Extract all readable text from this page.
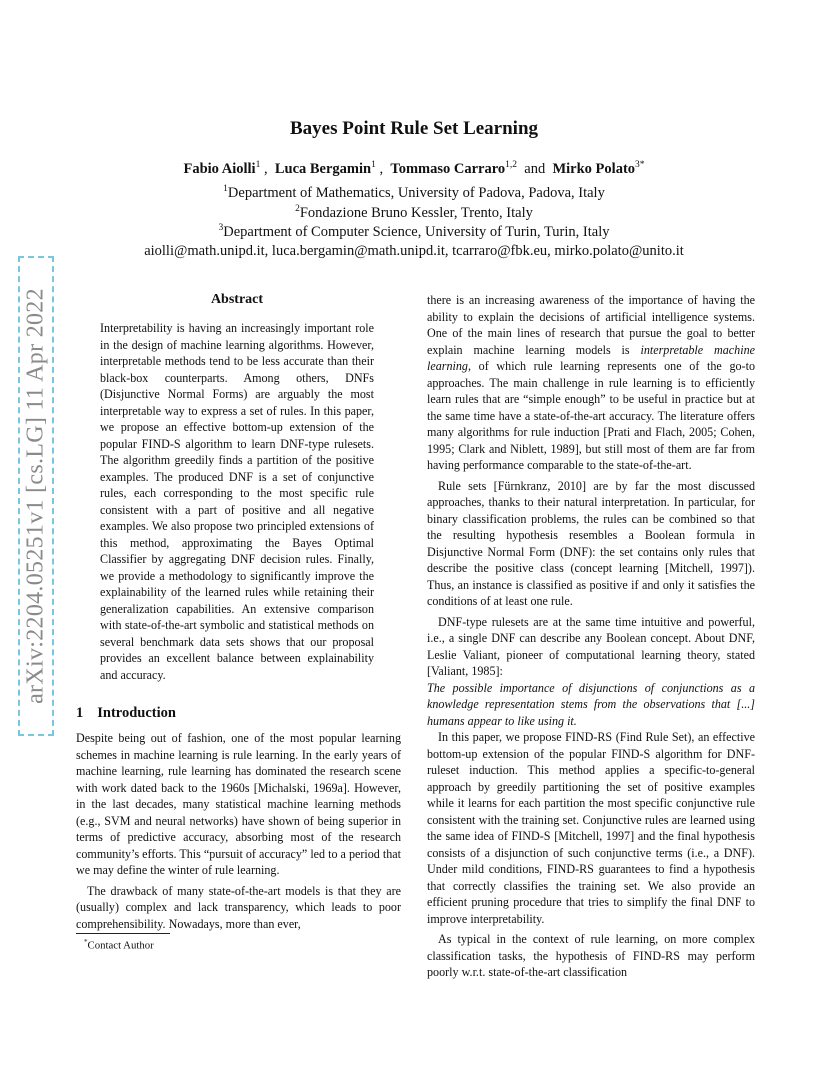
arXiv:2204.05251v1 [cs.LG] 11 Apr 2022
Bayes Point Rule Set Learning
Fabio Aiolli$^1$ ,  Luca Bergamin$^1$ ,  Tommaso Carraro$^{1,2}$ and Mirko Polato$^{3*}$
$^1$Department of Mathematics, University of Padova, Padova, Italy
$^2$Fondazione Bruno Kessler, Trento, Italy
$^3$Department of Computer Science, University of Turin, Turin, Italy
aiolli@math.unipd.it, luca.bergamin@math.unipd.it, tcarraro@fbk.eu, mirko.polato@unito.it
Abstract

Interpretability is having an increasingly important role in the design of machine learning algorithms. However, interpretable methods tend to be less accurate than their black-box counterparts. Among others, DNFs (Disjunctive Normal Forms) are arguably the most interpretable way to express a set of rules. In this paper, we propose an effective bottom-up extension of the popular FIND-S algorithm to learn DNF-type rulesets. The algorithm greedily finds a partition of the positive examples. The produced DNF is a set of conjunctive rules, each corresponding to the most specific rule consistent with a part of positive and all negative examples. We also propose two principled extensions of this method, approximating the Bayes Optimal Classifier by aggregating DNF decision rules. Finally, we provide a methodology to significantly improve the explainability of the learned rules while retaining their generalization capabilities. An extensive comparison with state-of-the-art symbolic and statistical methods on several benchmark data sets shows that our proposal provides an excellent balance between explainability and accuracy.

1 Introduction

Despite being out of fashion, one of the most popular learning schemes in machine learning is rule learning. In the early years of machine learning, rule learning has dominated the research scene with work dated back to the 1960s [Michalski, 1969a]. However, in the last decades, many statistical machine learning methods (e.g., SVM and neural networks) have shown of being superior in terms of predictive accuracy, absorbing most of the research community’s efforts. This “pursuit of accuracy” led to a period that we may define the winter of rule learning.

The drawback of many state-of-the-art models is that they are (usually) complex and lack transparency, which leads to poor comprehensibility. Nowadays, more than ever,

there is an increasing awareness of the importance of having the ability to explain the decisions of artificial intelligence systems. One of the main lines of research that pursue the goal to better explain machine learning models is interpretable machine learning, of which rule learning represents one of the go-to approaches. The main challenge in rule learning is to efficiently learn rules that are “simple enough” to be useful in practice but at the same time have a state-of-the-art accuracy. The literature offers many algorithms for rule induction [Prati and Flach, 2005; Cohen, 1995; Clark and Niblett, 1989], but still most of them are far from having performance comparable to the state-of-the-art.

Rule sets [Fürnkranz, 2010] are by far the most discussed approaches, thanks to their natural interpretation. In particular, for binary classification problems, the rules can be combined so that the resulting hypothesis resembles a Boolean formula in Disjunctive Normal Form (DNF): the set contains only rules that describe the positive class (concept learning [Mitchell, 1997]). Thus, an instance is classified as positive if and only it satisfies the conditions of at least one rule.

DNF-type rulesets are at the same time intuitive and powerful, i.e., a single DNF can describe any Boolean concept. About DNF, Leslie Valiant, pioneer of computational learning theory, stated [Valiant, 1985]:

The possible importance of disjunctions of conjunctions as a knowledge representation stems from the observations that [...] humans appear to like using it.

In this paper, we propose FIND-RS (Find Rule Set), an effective bottom-up extension of the popular FIND-S algorithm for DNF-ruleset induction. This method applies a specific-to-general approach by greedily partitioning the set of positive examples while it learns for each partition the most specific conjunctive rule consistent with the training set. Conjunctive rules are learned using the same idea of FIND-S [Mitchell, 1997] and the final hypothesis consists of a disjunction of such conjunctive terms (i.e., a DNF). Under mild conditions, FIND-RS guarantees to find a hypothesis that correctly classifies the training set. We also provide an efficient pruning procedure that tries to simplify the final DNF to improve interpretability.

As typical in the context of rule learning, on more complex classification tasks, the hypothesis of FIND-RS may perform poorly w.r.t. state-of-the-art classification

*Contact Author
